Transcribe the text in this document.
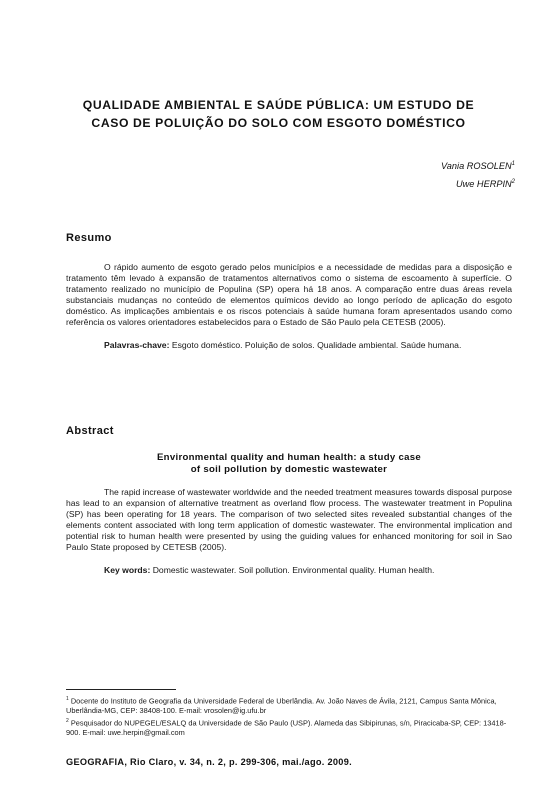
QUALIDADE AMBIENTAL E SAÚDE PÚBLICA: UM ESTUDO DE
CASO DE POLUIÇÃO DO SOLO COM ESGOTO DOMÉSTICO
Vania ROSOLEN$^1$
Uwe HERPIN$^2$
Resumo
O rápido aumento de esgoto gerado pelos municípios e a necessidade de medidas para a disposição e tratamento têm levado à expansão de tratamentos alternativos como o sistema de escoamento à superfície. O tratamento realizado no município de Populina (SP) opera há 18 anos. A comparação entre duas áreas revela substanciais mudanças no conteúdo de elementos químicos devido ao longo período de aplicação do esgoto doméstico. As implicações ambientais e os riscos potenciais à saúde humana foram apresentados usando como referência os valores orientadores estabelecidos para o Estado de São Paulo pela CETESB (2005).
Palavras-chave: Esgoto doméstico. Poluição de solos. Qualidade ambiental. Saúde humana.
Abstract
Environmental quality and human health: a study case
of soil pollution by domestic wastewater
The rapid increase of wastewater worldwide and the needed treatment measures towards disposal purpose has lead to an expansion of alternative treatment as overland flow process. The wastewater treatment in Populina (SP) has been operating for 18 years. The comparison of two selected sites revealed substantial changes of the elements content associated with long term application of domestic wastewater. The environmental implication and potential risk to human health were presented by using the guiding values for enhanced monitoring for soil in Sao Paulo State proposed by CETESB (2005).
Key words: Domestic wastewater. Soil pollution. Environmental quality. Human health.
$^1$ Docente do Instituto de Geografia da Universidade Federal de Uberlândia. Av. João Naves de Ávila, 2121, Campus Santa Mônica, Uberlândia-MG, CEP: 38408-100. E-mail: vrosolen@ig.ufu.br
$^2$ Pesquisador do NUPEGEL/ESALQ da Universidade de São Paulo (USP). Alameda das Sibipirunas, s/n, Piracicaba-SP, CEP: 13418-900. E-mail: uwe.herpin@gmail.com
GEOGRAFIA, Rio Claro, v. 34, n. 2, p. 299-306, mai./ago. 2009.
